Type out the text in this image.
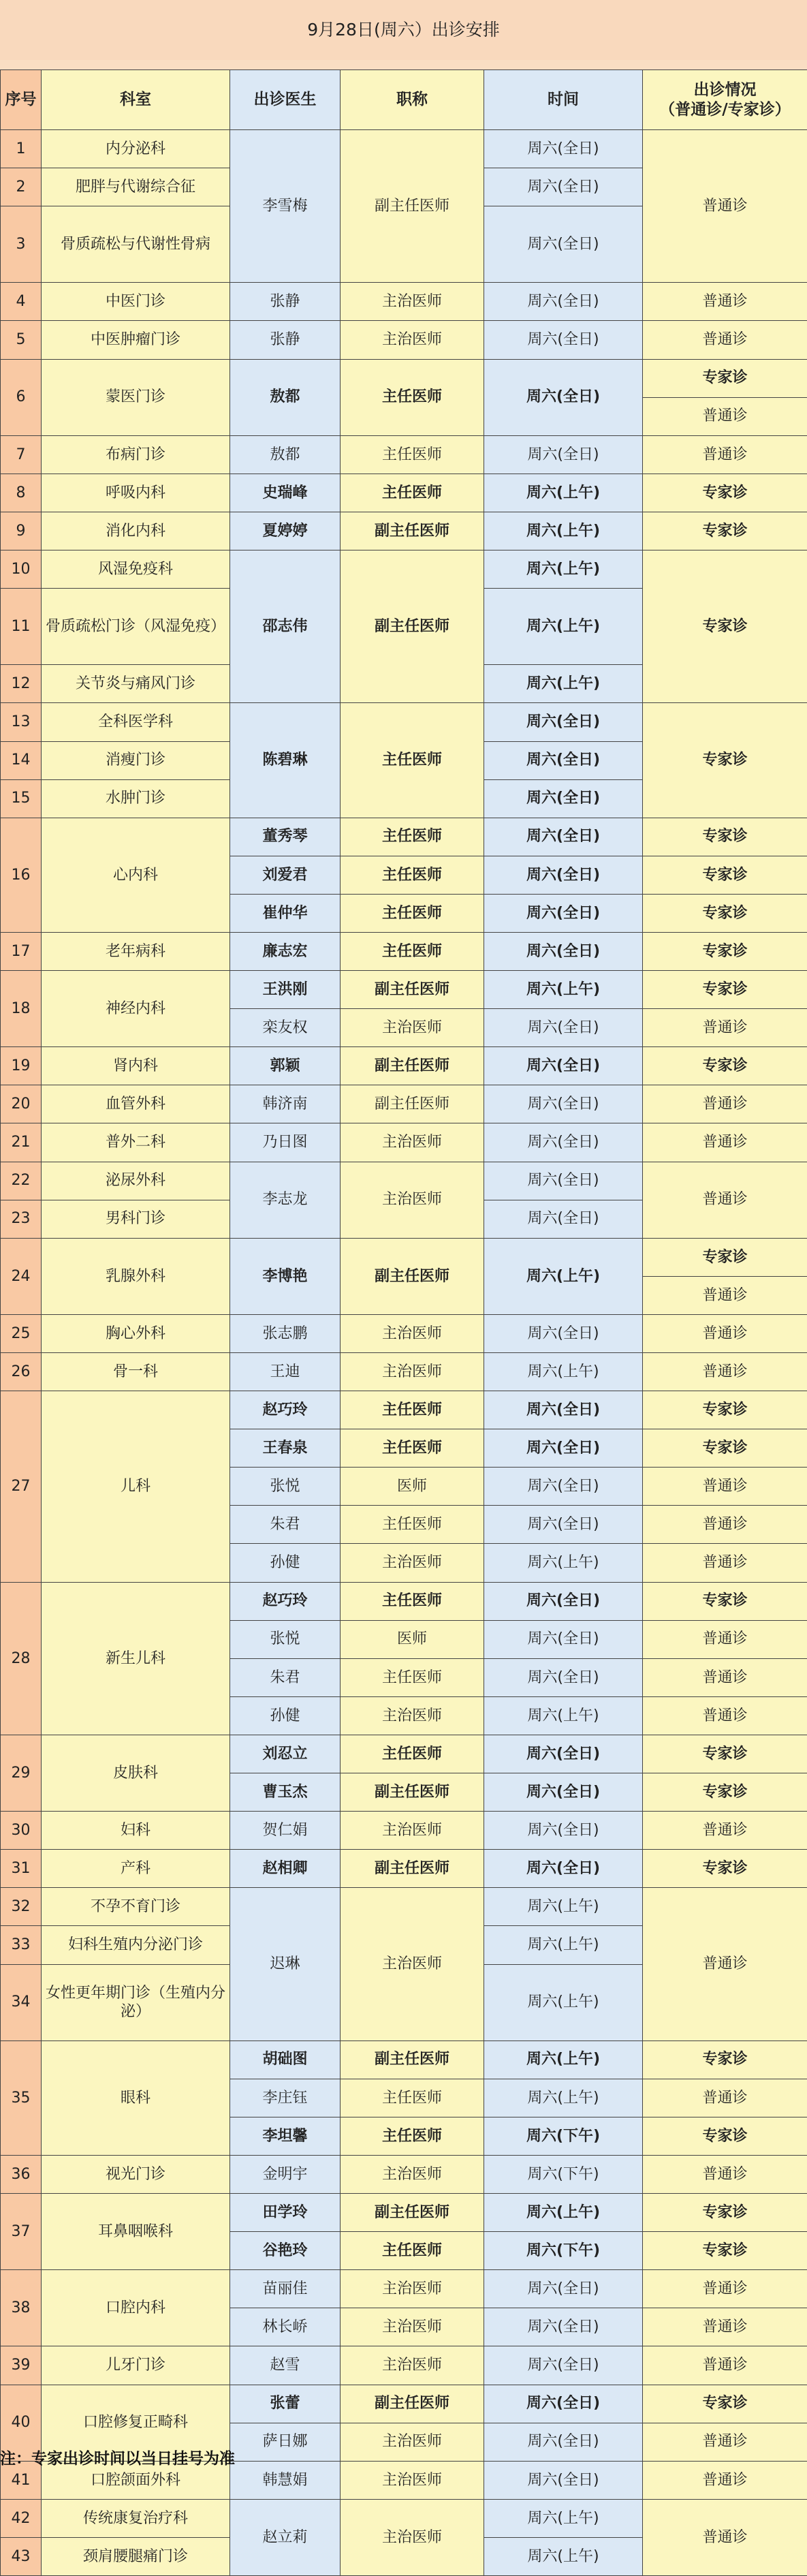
9月28日(周六）出诊安排
序号	科室	出诊医生	职称	时间	出诊情况
（普通诊/专家诊）
1	内分泌科	李雪梅	副主任医师	周六(全日)	普通诊
2	肥胖与代谢综合征			周六(全日)	
3	骨质疏松与代谢性骨病			周六(全日)	
4	中医门诊	张静	主治医师	周六(全日)	普通诊
5	中医肿瘤门诊	张静	主治医师	周六(全日)	普通诊
6	蒙医门诊	敖都	主任医师	周六(全日)	专家诊
					普通诊
7	布病门诊	敖都	主任医师	周六(全日)	普通诊
8	呼吸内科	史瑞峰	主任医师	周六(上午)	专家诊
9	消化内科	夏婷婷	副主任医师	周六(上午)	专家诊
10	风湿免疫科	邵志伟	副主任医师	周六(上午)	专家诊
11	骨质疏松门诊（风湿免疫）			周六(上午)	
12	关节炎与痛风门诊			周六(上午)	
13	全科医学科	陈碧琳	主任医师	周六(全日)	专家诊
14	消瘦门诊			周六(全日)	
15	水肿门诊			周六(全日)	
16	心内科	董秀琴	主任医师	周六(全日)	专家诊
		刘爱君	主任医师	周六(全日)	专家诊
		崔仲华	主任医师	周六(全日)	专家诊
17	老年病科	廉志宏	主任医师	周六(全日)	专家诊
18	神经内科	王洪刚	副主任医师	周六(上午)	专家诊
		栾友权	主治医师	周六(全日)	普通诊
19	肾内科	郭颖	副主任医师	周六(全日)	专家诊
20	血管外科	韩济南	副主任医师	周六(全日)	普通诊
21	普外二科	乃日图	主治医师	周六(全日)	普通诊
22	泌尿外科	李志龙	主治医师	周六(全日)	普通诊
23	男科门诊			周六(全日)	
24	乳腺外科	李博艳	副主任医师	周六(上午)	专家诊
					普通诊
25	胸心外科	张志鹏	主治医师	周六(全日)	普通诊
26	骨一科	王迪	主治医师	周六(上午)	普通诊
27	儿科	赵巧玲	主任医师	周六(全日)	专家诊
		王春泉	主任医师	周六(全日)	专家诊
		张悦	医师	周六(全日)	普通诊
		朱君	主任医师	周六(全日)	普通诊
		孙健	主治医师	周六(上午)	普通诊
28	新生儿科	赵巧玲	主任医师	周六(全日)	专家诊
		张悦	医师	周六(全日)	普通诊
		朱君	主任医师	周六(全日)	普通诊
		孙健	主治医师	周六(上午)	普通诊
29	皮肤科	刘忍立	主任医师	周六(全日)	专家诊
		曹玉杰	副主任医师	周六(全日)	专家诊
30	妇科	贺仁娟	主治医师	周六(全日)	普通诊
31	产科	赵相卿	副主任医师	周六(全日)	专家诊
32	不孕不育门诊	迟琳	主治医师	周六(上午)	普通诊
33	妇科生殖内分泌门诊			周六(上午)	
34	女性更年期门诊（生殖内分泌）			周六(上午)	
35	眼科	胡础图	副主任医师	周六(上午)	专家诊
		李庄钰	主任医师	周六(上午)	普通诊
		李坦馨	主任医师	周六(下午)	专家诊
36	视光门诊	金明宇	主治医师	周六(下午)	普通诊
37	耳鼻咽喉科	田学玲	副主任医师	周六(上午)	专家诊
		谷艳玲	主任医师	周六(下午)	专家诊
38	口腔内科	苗丽佳	主治医师	周六(全日)	普通诊
		林长峤	主治医师	周六(全日)	普通诊
39	儿牙门诊	赵雪	主治医师	周六(全日)	普通诊
40	口腔修复正畸科	张蕾	副主任医师	周六(全日)	专家诊
		萨日娜	主治医师	周六(全日)	普通诊
41	口腔颌面外科	韩慧娟	主治医师	周六(全日)	普通诊
42	传统康复治疗科	赵立莉	主治医师	周六(上午)	普通诊
43	颈肩腰腿痛门诊			周六(上午)	
注：专家出诊时间以当日挂号为准
